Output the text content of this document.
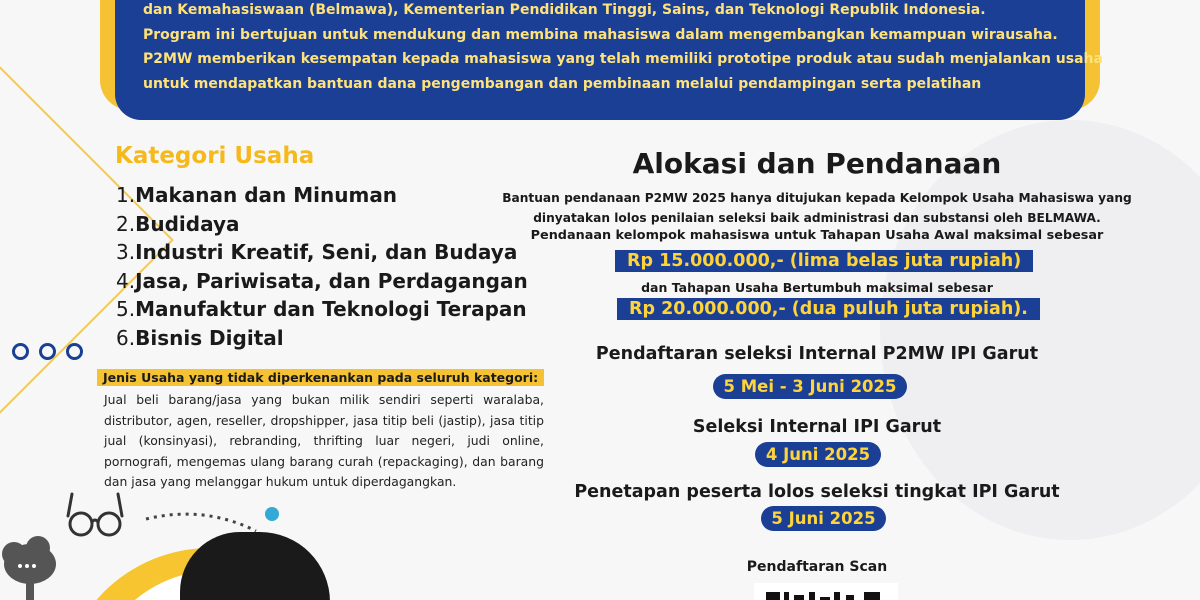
dan Kemahasiswaan (Belmawa), Kementerian Pendidikan Tinggi, Sains, dan Teknologi Republik Indonesia.

Program ini bertujuan untuk mendukung dan membina mahasiswa dalam mengembangkan kemampuan wirausaha.

P2MW memberikan kesempatan kepada mahasiswa yang telah memiliki prototipe produk atau sudah menjalankan usaha

untuk mendapatkan bantuan dana pengembangan dan pembinaan melalui pendampingan serta pelatihan

Kategori Usaha
1.Makanan dan Minuman
2.Budidaya
3.Industri Kreatif, Seni, dan Budaya
4.Jasa, Pariwisata, dan Perdagangan
5.Manufaktur dan Teknologi Terapan
6.Bisnis Digital
Jenis Usaha yang tidak diperkenankan pada seluruh kategori:

Jual beli barang/jasa yang bukan milik sendiri seperti waralaba, distributor, agen, reseller, dropshipper, jasa titip beli (jastip), jasa titip jual (konsinyasi), rebranding, thrifting luar negeri, judi online, pornografi, mengemas ulang barang curah (repackaging), dan barang dan jasa yang melanggar hukum untuk diperdagangkan.

Alokasi dan Pendanaan
Bantuan pendanaan P2MW 2025 hanya ditujukan kepada Kelompok Usaha Mahasiswa yang
dinyatakan lolos penilaian seleksi baik administrasi dan substansi oleh BELMAWA.
Pendanaan kelompok mahasiswa untuk Tahapan Usaha Awal maksimal sebesar
Rp 15.000.000,- (lima belas juta rupiah)
dan Tahapan Usaha Bertumbuh maksimal sebesar
Rp 20.000.000,- (dua puluh juta rupiah).
Pendaftaran seleksi Internal P2MW IPI Garut
5 Mei - 3 Juni 2025
Seleksi Internal IPI Garut
4 Juni 2025
Penetapan peserta lolos seleksi tingkat IPI Garut
5 Juni 2025
Pendaftaran Scan
